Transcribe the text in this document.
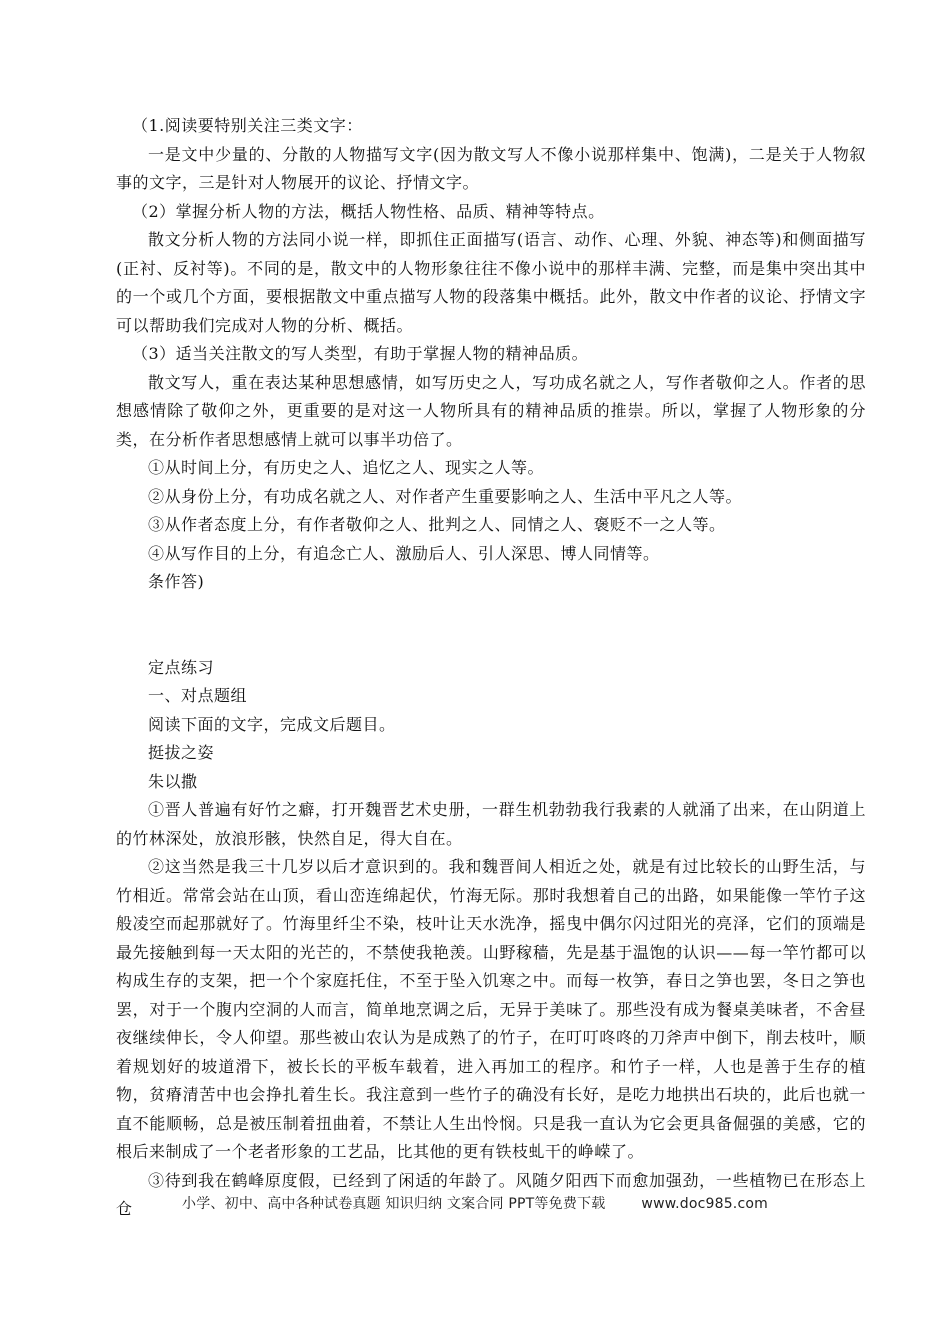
（1.阅读要特别关注三类文字：

一是文中少量的、分散的人物描写文字(因为散文写人不像小说那样集中、饱满)，二是关于人物叙事的文字，三是针对人物展开的议论、抒情文字。

（2）掌握分析人物的方法，概括人物性格、品质、精神等特点。

散文分析人物的方法同小说一样，即抓住正面描写(语言、动作、心理、外貌、神态等)和侧面描写(正衬、反衬等)。不同的是，散文中的人物形象往往不像小说中的那样丰满、完整，而是集中突出其中的一个或几个方面，要根据散文中重点描写人物的段落集中概括。此外，散文中作者的议论、抒情文字可以帮助我们完成对人物的分析、概括。

（3）适当关注散文的写人类型，有助于掌握人物的精神品质。

散文写人，重在表达某种思想感情，如写历史之人，写功成名就之人，写作者敬仰之人。作者的思想感情除了敬仰之外，更重要的是对这一人物所具有的精神品质的推崇。所以，掌握了人物形象的分类，在分析作者思想感情上就可以事半功倍了。

①从时间上分，有历史之人、追忆之人、现实之人等。

②从身份上分，有功成名就之人、对作者产生重要影响之人、生活中平凡之人等。

③从作者态度上分，有作者敬仰之人、批判之人、同情之人、褒贬不一之人等。

④从写作目的上分，有追念亡人、激励后人、引人深思、博人同情等。

条作答)

定点练习

一、对点题组

阅读下面的文字，完成文后题目。

挺拔之姿

朱以撒

①晋人普遍有好竹之癖，打开魏晋艺术史册，一群生机勃勃我行我素的人就涌了出来，在山阴道上的竹林深处，放浪形骸，快然自足，得大自在。

②这当然是我三十几岁以后才意识到的。我和魏晋间人相近之处，就是有过比较长的山野生活，与竹相近。常常会站在山顶，看山峦连绵起伏，竹海无际。那时我想着自己的出路，如果能像一竿竹子这般凌空而起那就好了。竹海里纤尘不染，枝叶让天水洗净，摇曳中偶尔闪过阳光的亮泽，它们的顶端是最先接触到每一天太阳的光芒的，不禁使我艳羡。山野稼穑，先是基于温饱的认识——每一竿竹都可以构成生存的支架，把一个个家庭托住，不至于坠入饥寒之中。而每一枚笋，春日之笋也罢，冬日之笋也罢，对于一个腹内空洞的人而言，简单地烹调之后，无异于美味了。那些没有成为餐桌美味者，不舍昼夜继续伸长，令人仰望。那些被山农认为是成熟了的竹子，在叮叮咚咚的刀斧声中倒下，削去枝叶，顺着规划好的坡道滑下，被长长的平板车载着，进入再加工的程序。和竹子一样，人也是善于生存的植物，贫瘠清苦中也会挣扎着生长。我注意到一些竹子的确没有长好，是吃力地拱出石块的，此后也就一直不能顺畅，总是被压制着扭曲着，不禁让人生出怜悯。只是我一直认为它会更具备倔强的美感，它的根后来制成了一个老者形象的工艺品，比其他的更有铁枝虬干的峥嵘了。

③待到我在鹤峰原度假，已经到了闲适的年龄了。风随夕阳西下而愈加强劲，一些植物已在形态上仓	小学、初中、高中各种试卷真题 知识归纳 文案合同 PPT等免费下载	www.doc985.com
